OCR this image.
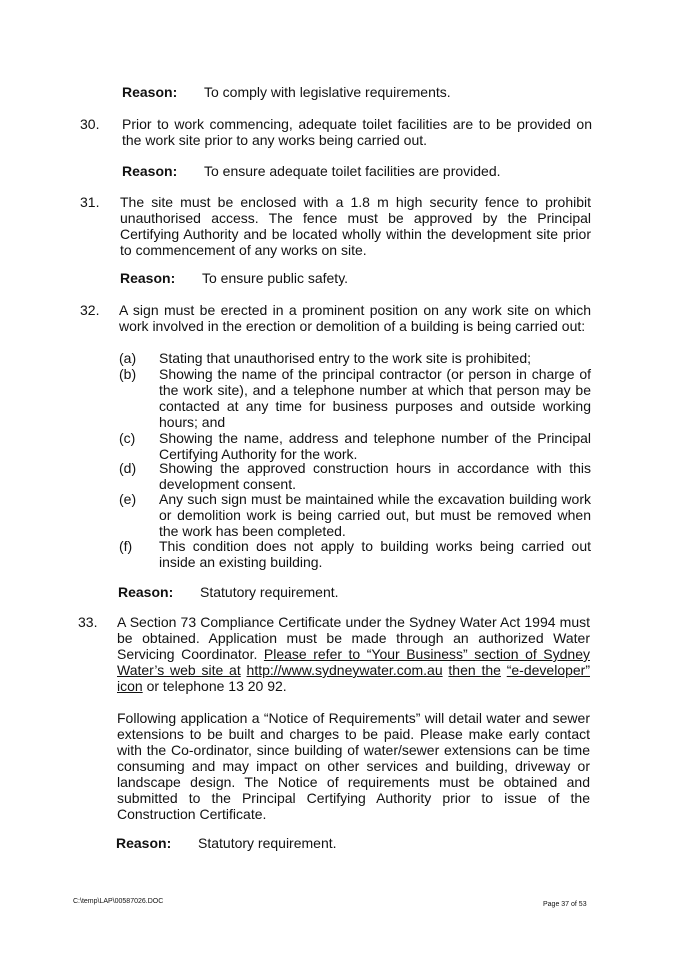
Reason: To comply with legislative requirements.
30. Prior to work commencing, adequate toilet facilities are to be provided on the work site prior to any works being carried out.
Reason: To ensure adequate toilet facilities are provided.
31. The site must be enclosed with a 1.8 m high security fence to prohibit unauthorised access. The fence must be approved by the Principal Certifying Authority and be located wholly within the development site prior to commencement of any works on site.
Reason: To ensure public safety.
32. A sign must be erected in a prominent position on any work site on which work involved in the erection or demolition of a building is being carried out:
(a) Stating that unauthorised entry to the work site is prohibited;
(b) Showing the name of the principal contractor (or person in charge of the work site), and a telephone number at which that person may be contacted at any time for business purposes and outside working hours; and
(c) Showing the name, address and telephone number of the Principal Certifying Authority for the work.
(d) Showing the approved construction hours in accordance with this development consent.
(e) Any such sign must be maintained while the excavation building work or demolition work is being carried out, but must be removed when the work has been completed.
(f) This condition does not apply to building works being carried out inside an existing building.
Reason: Statutory requirement.
33. A Section 73 Compliance Certificate under the Sydney Water Act 1994 must be obtained. Application must be made through an authorized Water Servicing Coordinator. Please refer to “Your Business” section of Sydney Water’s web site at http://www.sydneywater.com.au then the “e-developer” icon or telephone 13 20 92.
Following application a “Notice of Requirements” will detail water and sewer extensions to be built and charges to be paid. Please make early contact with the Co-ordinator, since building of water/sewer extensions can be time consuming and may impact on other services and building, driveway or landscape design. The Notice of requirements must be obtained and submitted to the Principal Certifying Authority prior to issue of the Construction Certificate.
Reason: Statutory requirement.
C:\temp\LAP\00587026.DOC	Page 37 of 53
